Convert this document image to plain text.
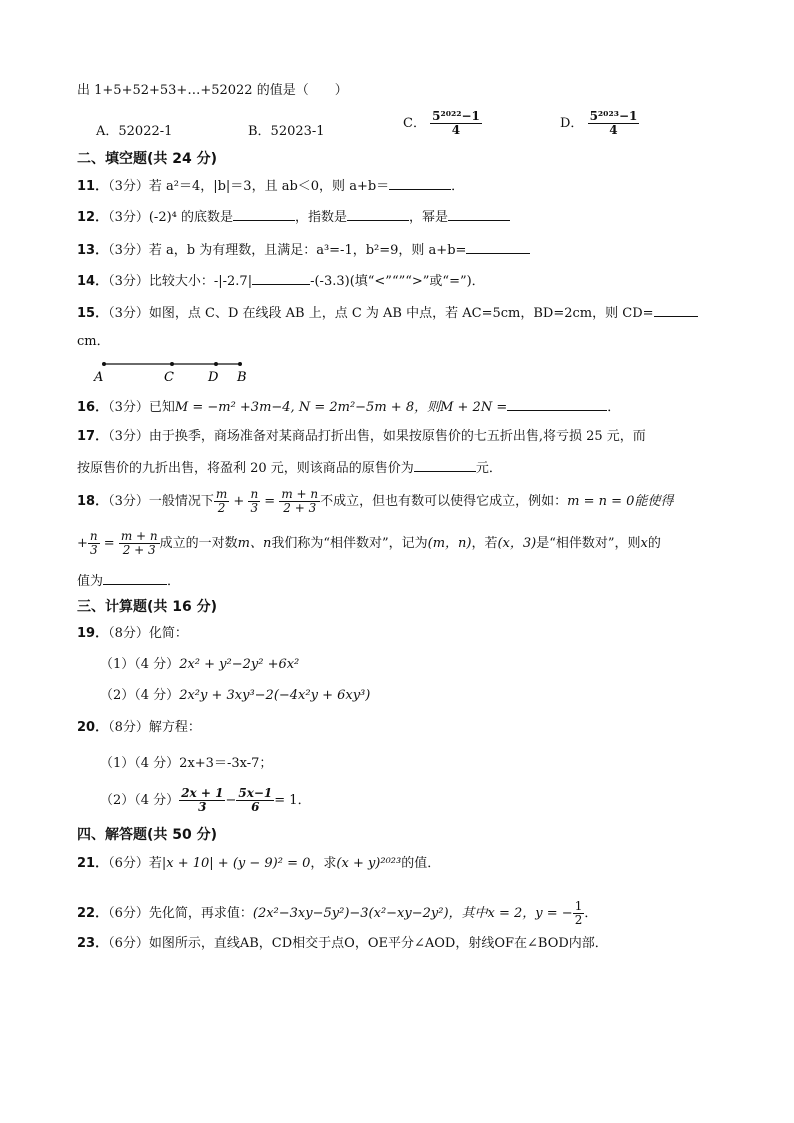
出 1+5+52+53+…+52022 的值是（　　）
A．52022-1	B．52023-1
C． $\frac{\text{5²⁰²²−1}}{4}$	D． $\frac{\text{5²⁰²³−1}}{4}$
二、填空题(共 24 分)
11．（3分）若 a²＝4，|b|＝3，且 ab＜0，则 a+b＝	．
12．（3分）(-2)⁴ 的底数是	，指数是	，幂是
13．（3分）若 a，b 为有理数，且满足：a³=-1，b²=9，则 a+b=
14．（3分）比较大小：-|-2.7|	-(-3.3)(填“<”“”“>”或“=”)．
15．（3分）如图，点 C、D 在线段 AB 上，点 C 为 AB 中点，若 AC=5cm，BD=2cm，则 CD=
cm．
A	C	D B
16．（3分）已知M = −m² +3m−4, N = 2m²−5m + 8，则M + 2N =	．
17．（3分）由于换季，商场准备对某商品打折出售，如果按原售价的七五折出售,将亏损 25 元，而
按原售价的九折出售，将盈利 20 元，则该商品的原售价为	元．
18．（3分）一般情况下 $\frac{m}{2} + \frac{n}{3} = \frac{m + n}{2 + 3}$ 不成立，但也有数可以使得它成立，例如：m = n = 0能使得
+ $\frac{n}{3} = \frac{m + n}{2 + 3}$ 成立的一对数m、n我们称为“相伴数对”，记为(m，n)，若(x，3)是“相伴数对”，则x的
值为	．
三、计算题(共 16 分)
19．（8分）化简：
（1）（4 分）2x² + y²−2y² +6x²
（2）（4 分）2x²y + 3xy³−2(−4x²y + 6xy³)
20．（8分）解方程：
（1）（4 分）2x+3＝-3x-7；
（2）（4 分） $\frac{2x + 1}{3} - \frac{5x-1}{6} = 1$．
四、解答题(共 50 分)
21．（6分）若|x + 10| + (y − 9)² = 0，求(x + y)²⁰²³的值．
22．（6分）先化简，再求值：(2x²−3xy−5y²)−3(x²−xy−2y²)，其中x = 2，y = − $\frac{1}{2}$ ．
23．（6分）如图所示，直线AB，CD相交于点O，OE平分∠AOD，射线OF在∠BOD内部．
